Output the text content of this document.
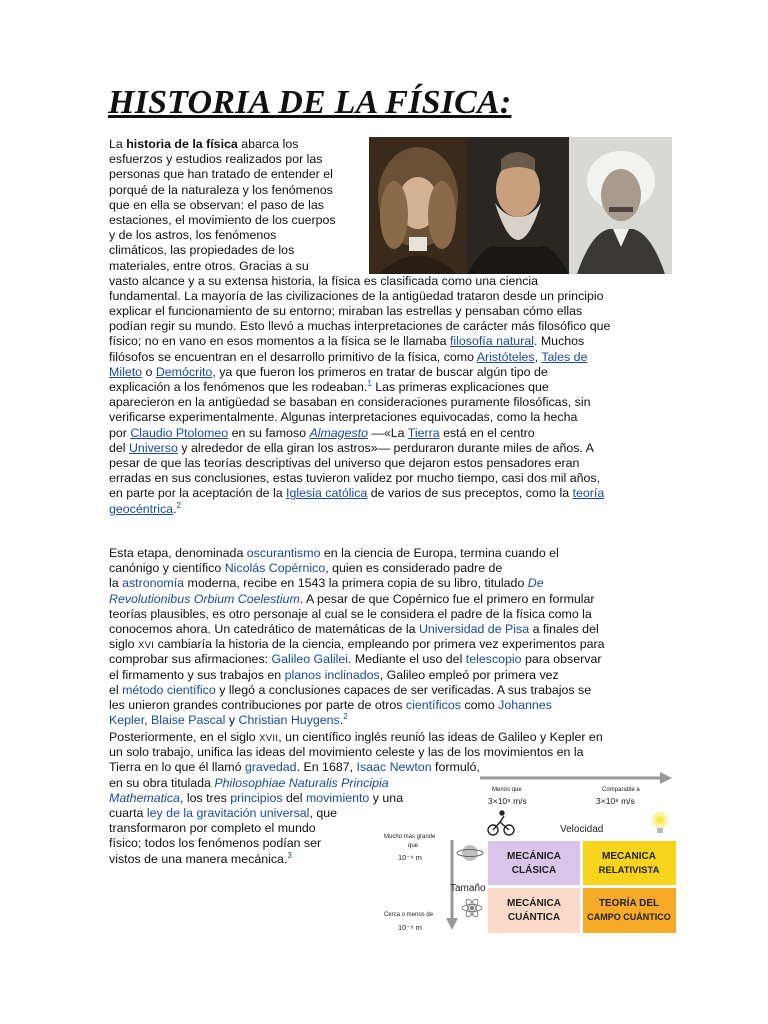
HISTORIA DE LA FÍSICA:
La historia de la física abarca los
esfuerzos y estudios realizados por las
personas que han tratado de entender el
porqué de la naturaleza y los fenómenos
que en ella se observan: el paso de las
estaciones, el movimiento de los cuerpos
y de los astros, los fenómenos
climáticos, las propiedades de los
materiales, entre otros. Gracias a su
vasto alcance y a su extensa historia, la física es clasificada como una ciencia
fundamental. La mayoría de las civilizaciones de la antigüedad trataron desde un principio
explicar el funcionamiento de su entorno; miraban las estrellas y pensaban cómo ellas
podían regir su mundo. Esto llevó a muchas interpretaciones de carácter más filosófico que
físico; no en vano en esos momentos a la física se le llamaba filosofía natural. Muchos
filósofos se encuentran en el desarrollo primitivo de la física, como Aristóteles, Tales de
Mileto o Demócrito, ya que fueron los primeros en tratar de buscar algún tipo de
explicación a los fenómenos que les rodeaban.$^1$ Las primeras explicaciones que
aparecieron en la antigüedad se basaban en consideraciones puramente filosóficas, sin
verificarse experimentalmente. Algunas interpretaciones equivocadas, como la hecha
por Claudio Ptolomeo en su famoso Almagesto —«La Tierra está en el centro
del Universo y alrededor de ella giran los astros»— perduraron durante miles de años. A
pesar de que las teorías descriptivas del universo que dejaron estos pensadores eran
erradas en sus conclusiones, estas tuvieron validez por mucho tiempo, casi dos mil años,
en parte por la aceptación de la Iglesia católica de varios de sus preceptos, como la teoría
geocéntrica.$^2$
Esta etapa, denominada oscurantismo en la ciencia de Europa, termina cuando el
canónigo y científico Nicolás Copérnico, quien es considerado padre de
la astronomía moderna, recibe en 1543 la primera copia de su libro, titulado De
Revolutionibus Orbium Coelestium. A pesar de que Copérnico fue el primero en formular
teorías plausibles, es otro personaje al cual se le considera el padre de la física como la
conocemos ahora. Un catedrático de matemáticas de la Universidad de Pisa a finales del
siglo XVI cambiaría la historia de la ciencia, empleando por primera vez experimentos para
comprobar sus afirmaciones: Galileo Galilei. Mediante el uso del telescopio para observar
el firmamento y sus trabajos en planos inclinados, Galileo empleó por primera vez
el método científico y llegó a conclusiones capaces de ser verificadas. A sus trabajos se
les unieron grandes contribuciones por parte de otros científicos como Johannes
Kepler, Blaise Pascal y Christian Huygens.$^2$
Posteriormente, en el siglo XVII, un científico inglés reunió las ideas de Galileo y Kepler en
un solo trabajo, unifica las ideas del movimiento celeste y las de los movimientos en la
Tierra en lo que él llamó gravedad. En 1687, Isaac Newton formuló,
en su obra titulada Philosophiae Naturalis Principia
Mathematica, los tres principios del movimiento y una
cuarta ley de la gravitación universal, que
transformaron por completo el mundo
físico; todos los fenómenos podían ser
vistos de una manera mecánica.$^3$
Menos que
3×10⁸ m/s
Comparable a
3×10⁸ m/s
Velocidad
Mucho más grande
que
10⁻⁹ m
Cerca o menos de
10⁻⁹ m
Tamaño
MECÁNICA
CLÁSICA
MECANICA
RELATIVISTA
MECÁNICA
CUÁNTICA
TEORÍA DEL
CAMPO CUÁNTICO
